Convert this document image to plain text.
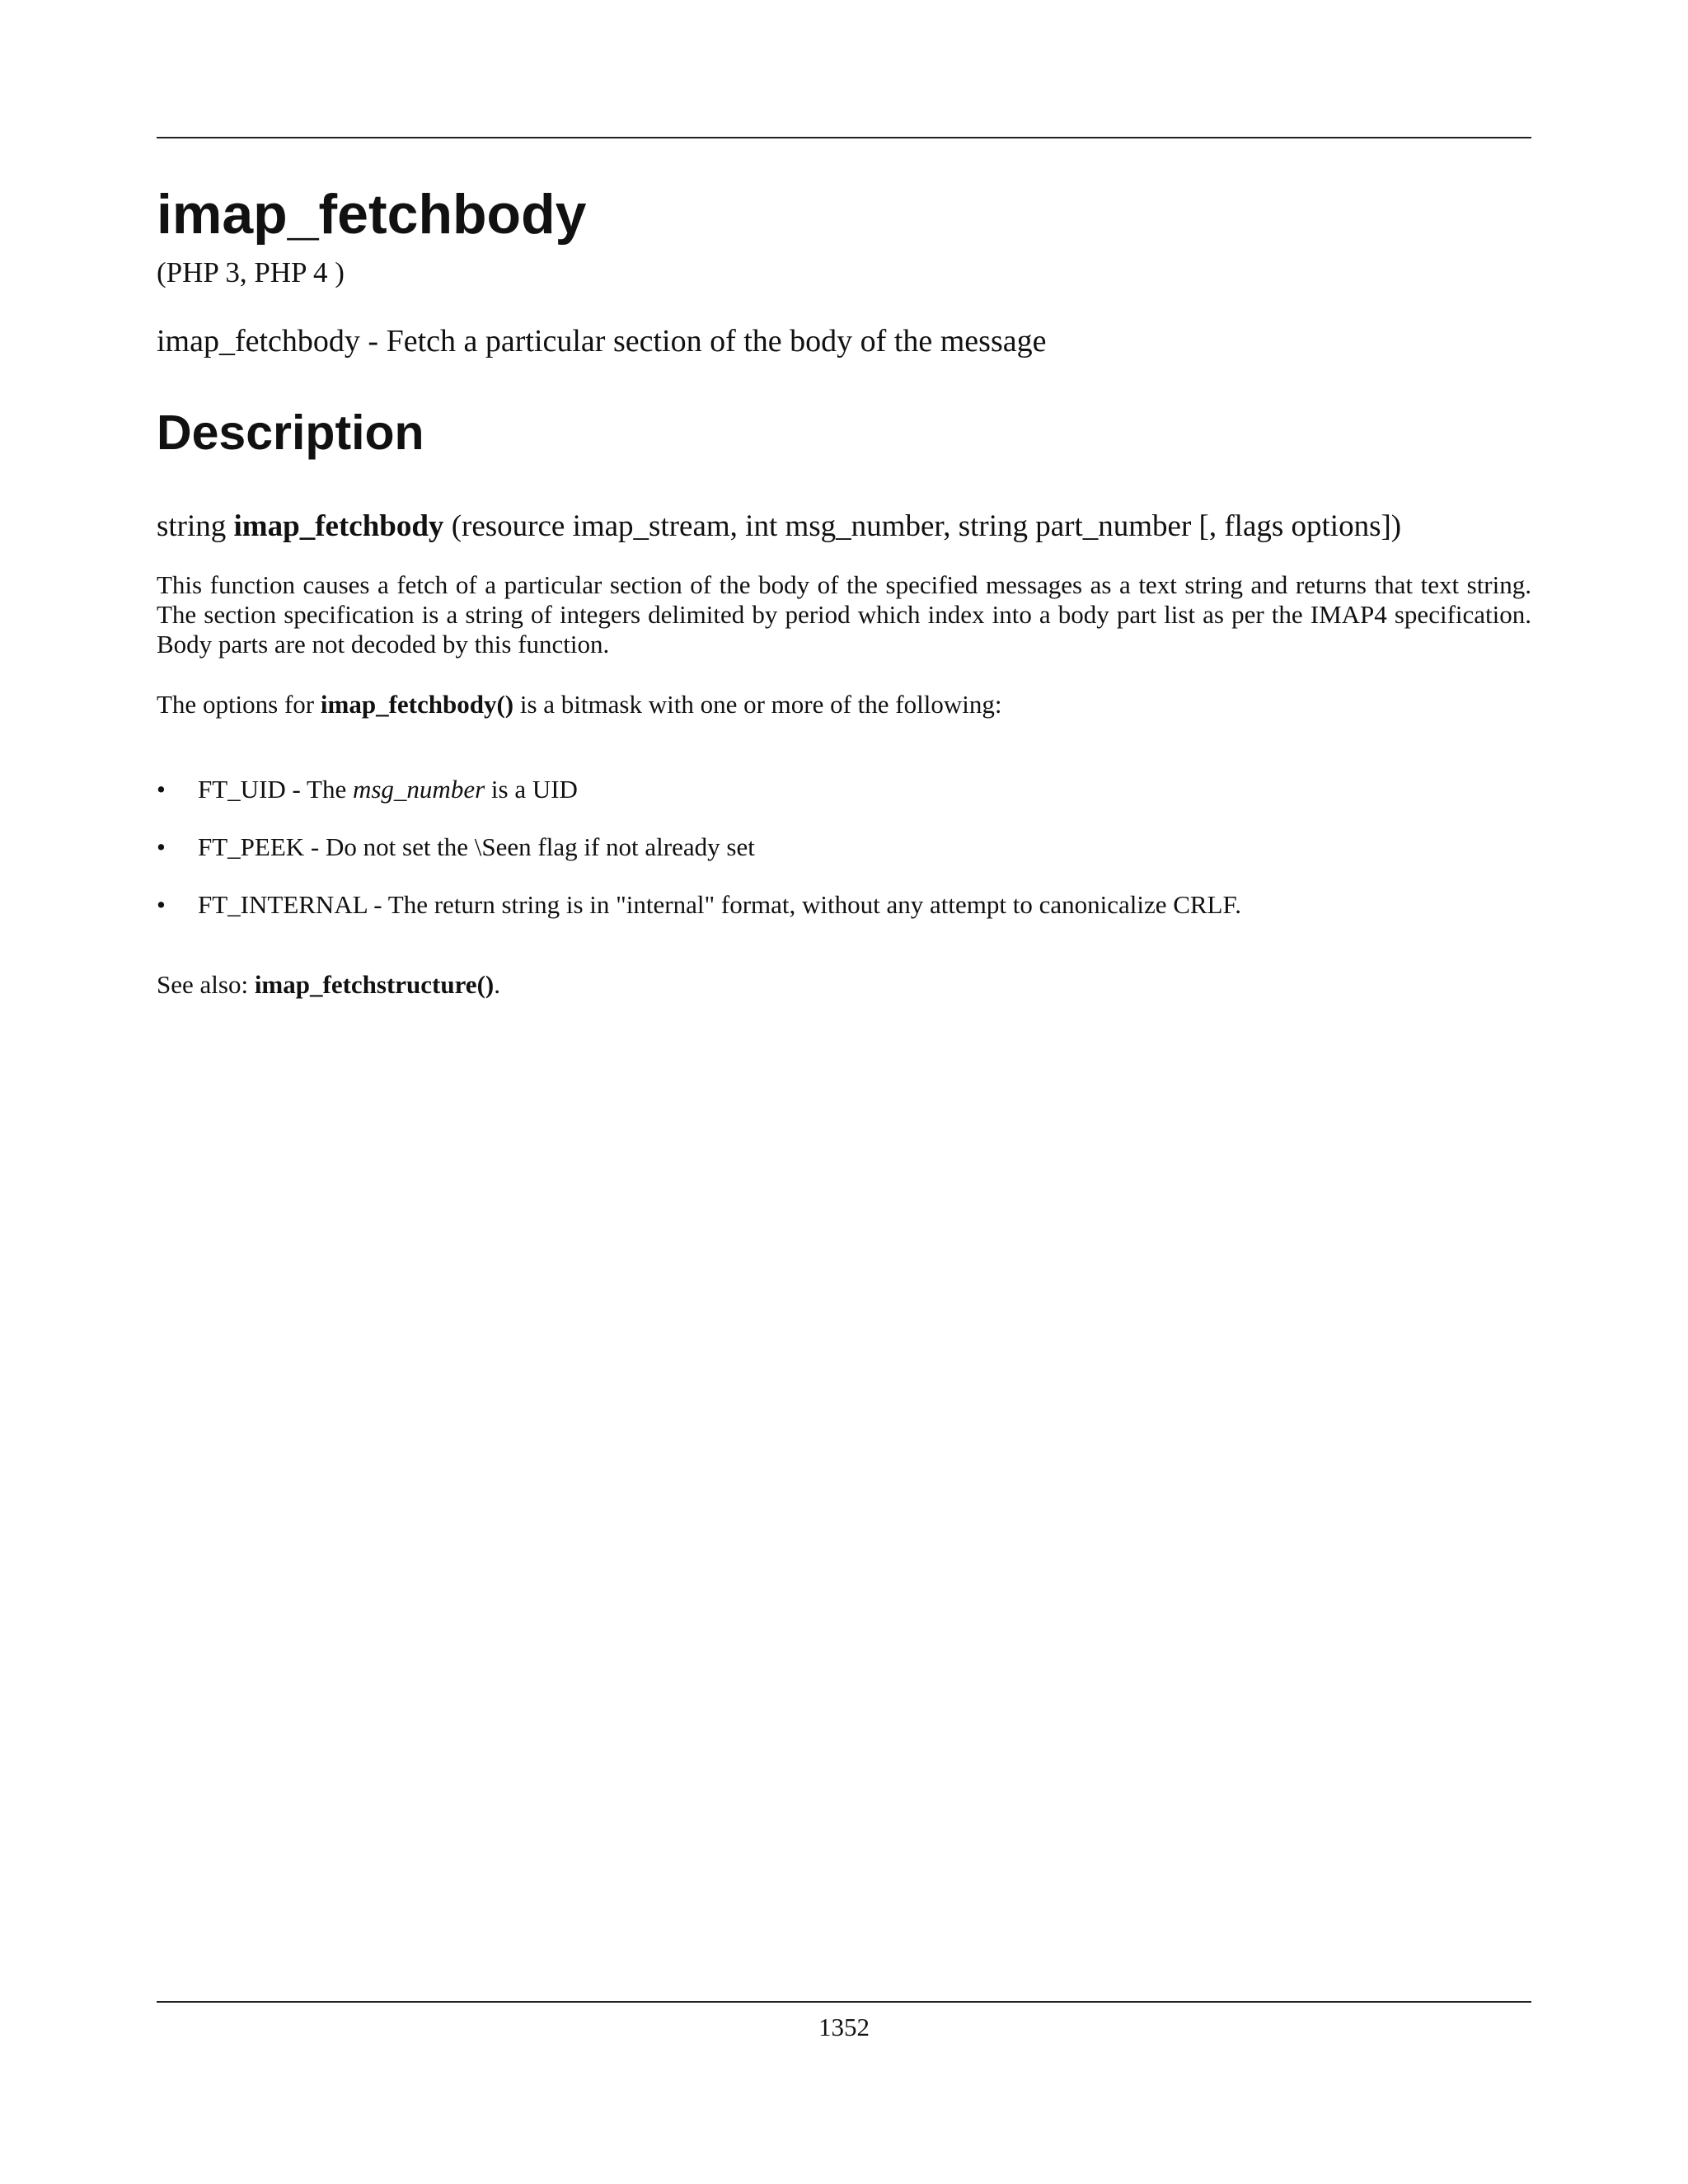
imap_fetchbody
(PHP 3, PHP 4 )
imap_fetchbody - Fetch a particular section of the body of the message
Description
string imap_fetchbody (resource imap_stream, int msg_number, string part_number [, flags options])

This function causes a fetch of a particular section of the body of the specified messages as a text string and returns that text string. The section specification is a string of integers delimited by period which index into a body part list as per the IMAP4 specification. Body parts are not decoded by this function.

The options for imap_fetchbody() is a bitmask with one or more of the following:

• FT_UID - The msg_number is a UID
• FT_PEEK - Do not set the \Seen flag if not already set
• FT_INTERNAL - The return string is in "internal" format, without any attempt to canonicalize CRLF.

See also: imap_fetchstructure().

1352
